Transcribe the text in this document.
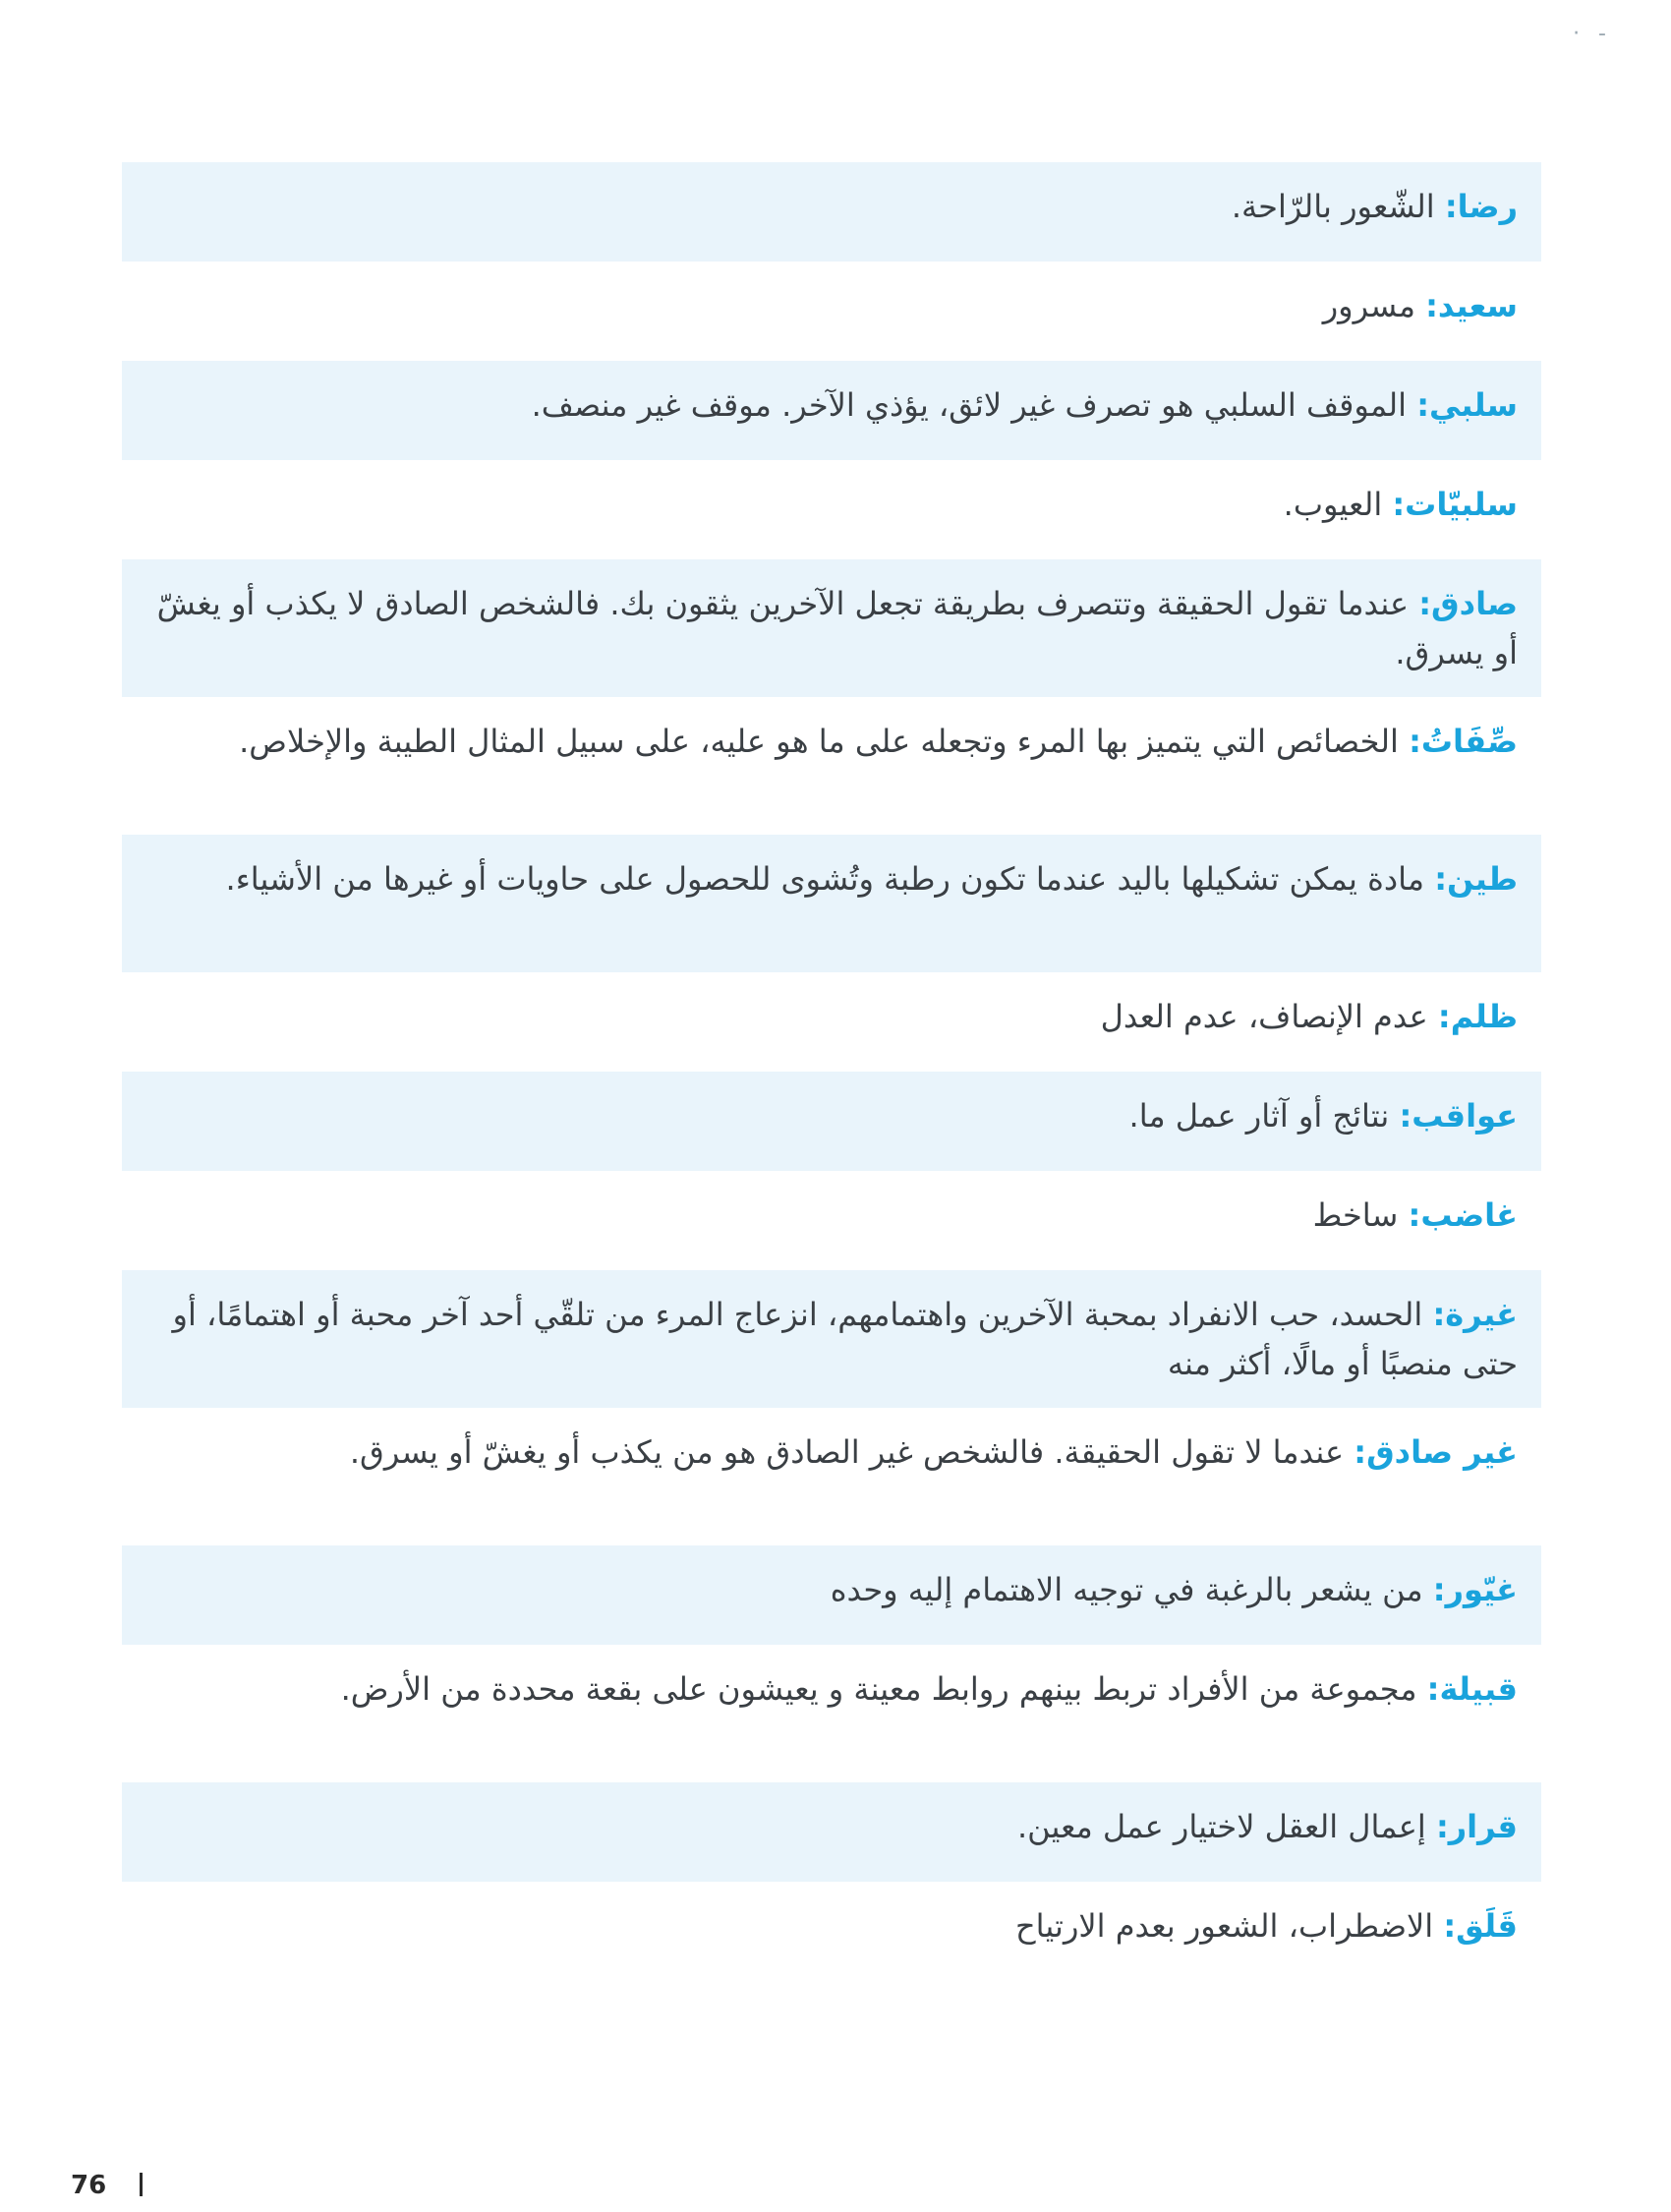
· -
رضا: الشّعور بالرّاحة.
سعيد: مسرور
سلبي: الموقف السلبي هو تصرف غير لائق، يؤذي الآخر. موقف غير منصف.
سلبيّات: العيوب.
صادق: عندما تقول الحقيقة وتتصرف بطريقة تجعل الآخرين يثقون بك. فالشخص الصادق لا يكذب أو يغشّ أو يسرق.
صِّفَاتُ: الخصائص التي يتميز بها المرء وتجعله على ما هو عليه، على سبيل المثال الطيبة والإخلاص.
طين: مادة يمكن تشكيلها باليد عندما تكون رطبة وتُشوى للحصول على حاويات أو غيرها من الأشياء.
ظلم: عدم الإنصاف، عدم العدل
عواقب: نتائج أو آثار عمل ما.
غاضب: ساخط
غيرة: الحسد، حب الانفراد بمحبة الآخرين واهتمامهم، انزعاج المرء من تلقّي أحد آخر محبة أو اهتمامًا، أو حتى منصبًا أو مالًا، أكثر منه
غير صادق: عندما لا تقول الحقيقة. فالشخص غير الصادق هو من يكذب أو يغشّ أو يسرق.
غيّور: من يشعر بالرغبة في توجيه الاهتمام إليه وحده
قبيلة: مجموعة من الأفراد تربط بينهم روابط معينة و يعيشون على بقعة محددة من الأرض.
قرار: إعمال العقل لاختيار عمل معين.
قَلَق: الاضطراب، الشعور بعدم الارتياح
76
